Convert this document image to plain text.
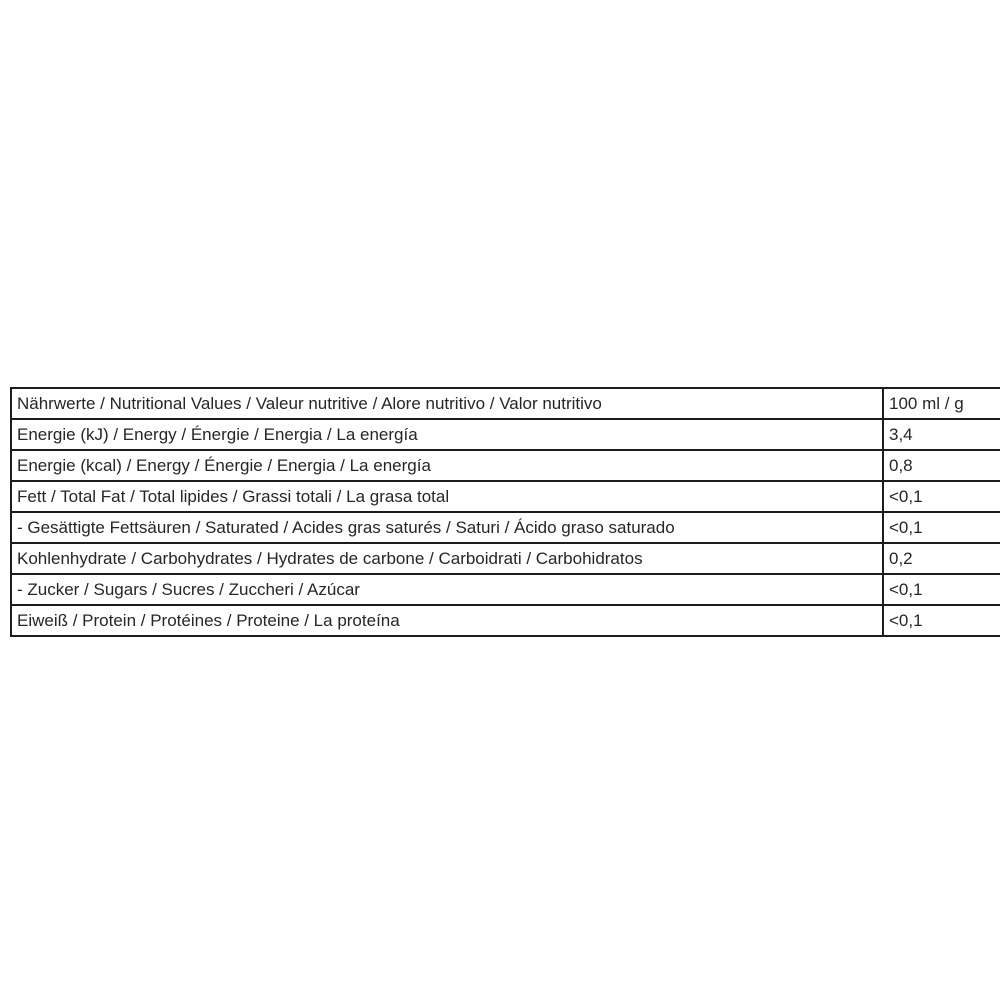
Nährwerte / Nutritional Values / Valeur nutritive / Alore nutritivo / Valor nutritivo	100 ml / g
Energie (kJ) / Energy / Énergie / Energia / La energía	3,4
Energie (kcal) / Energy / Énergie / Energia / La energía	0,8
Fett / Total Fat / Total lipides / Grassi totali / La grasa total	<0,1
- Gesättigte Fettsäuren / Saturated / Acides gras saturés / Saturi / Ácido graso saturado	<0,1
Kohlenhydrate / Carbohydrates / Hydrates de carbone / Carboidrati / Carbohidratos	0,2
- Zucker / Sugars / Sucres / Zuccheri / Azúcar	<0,1
Eiweiß / Protein / Protéines / Proteine / La proteína	<0,1
